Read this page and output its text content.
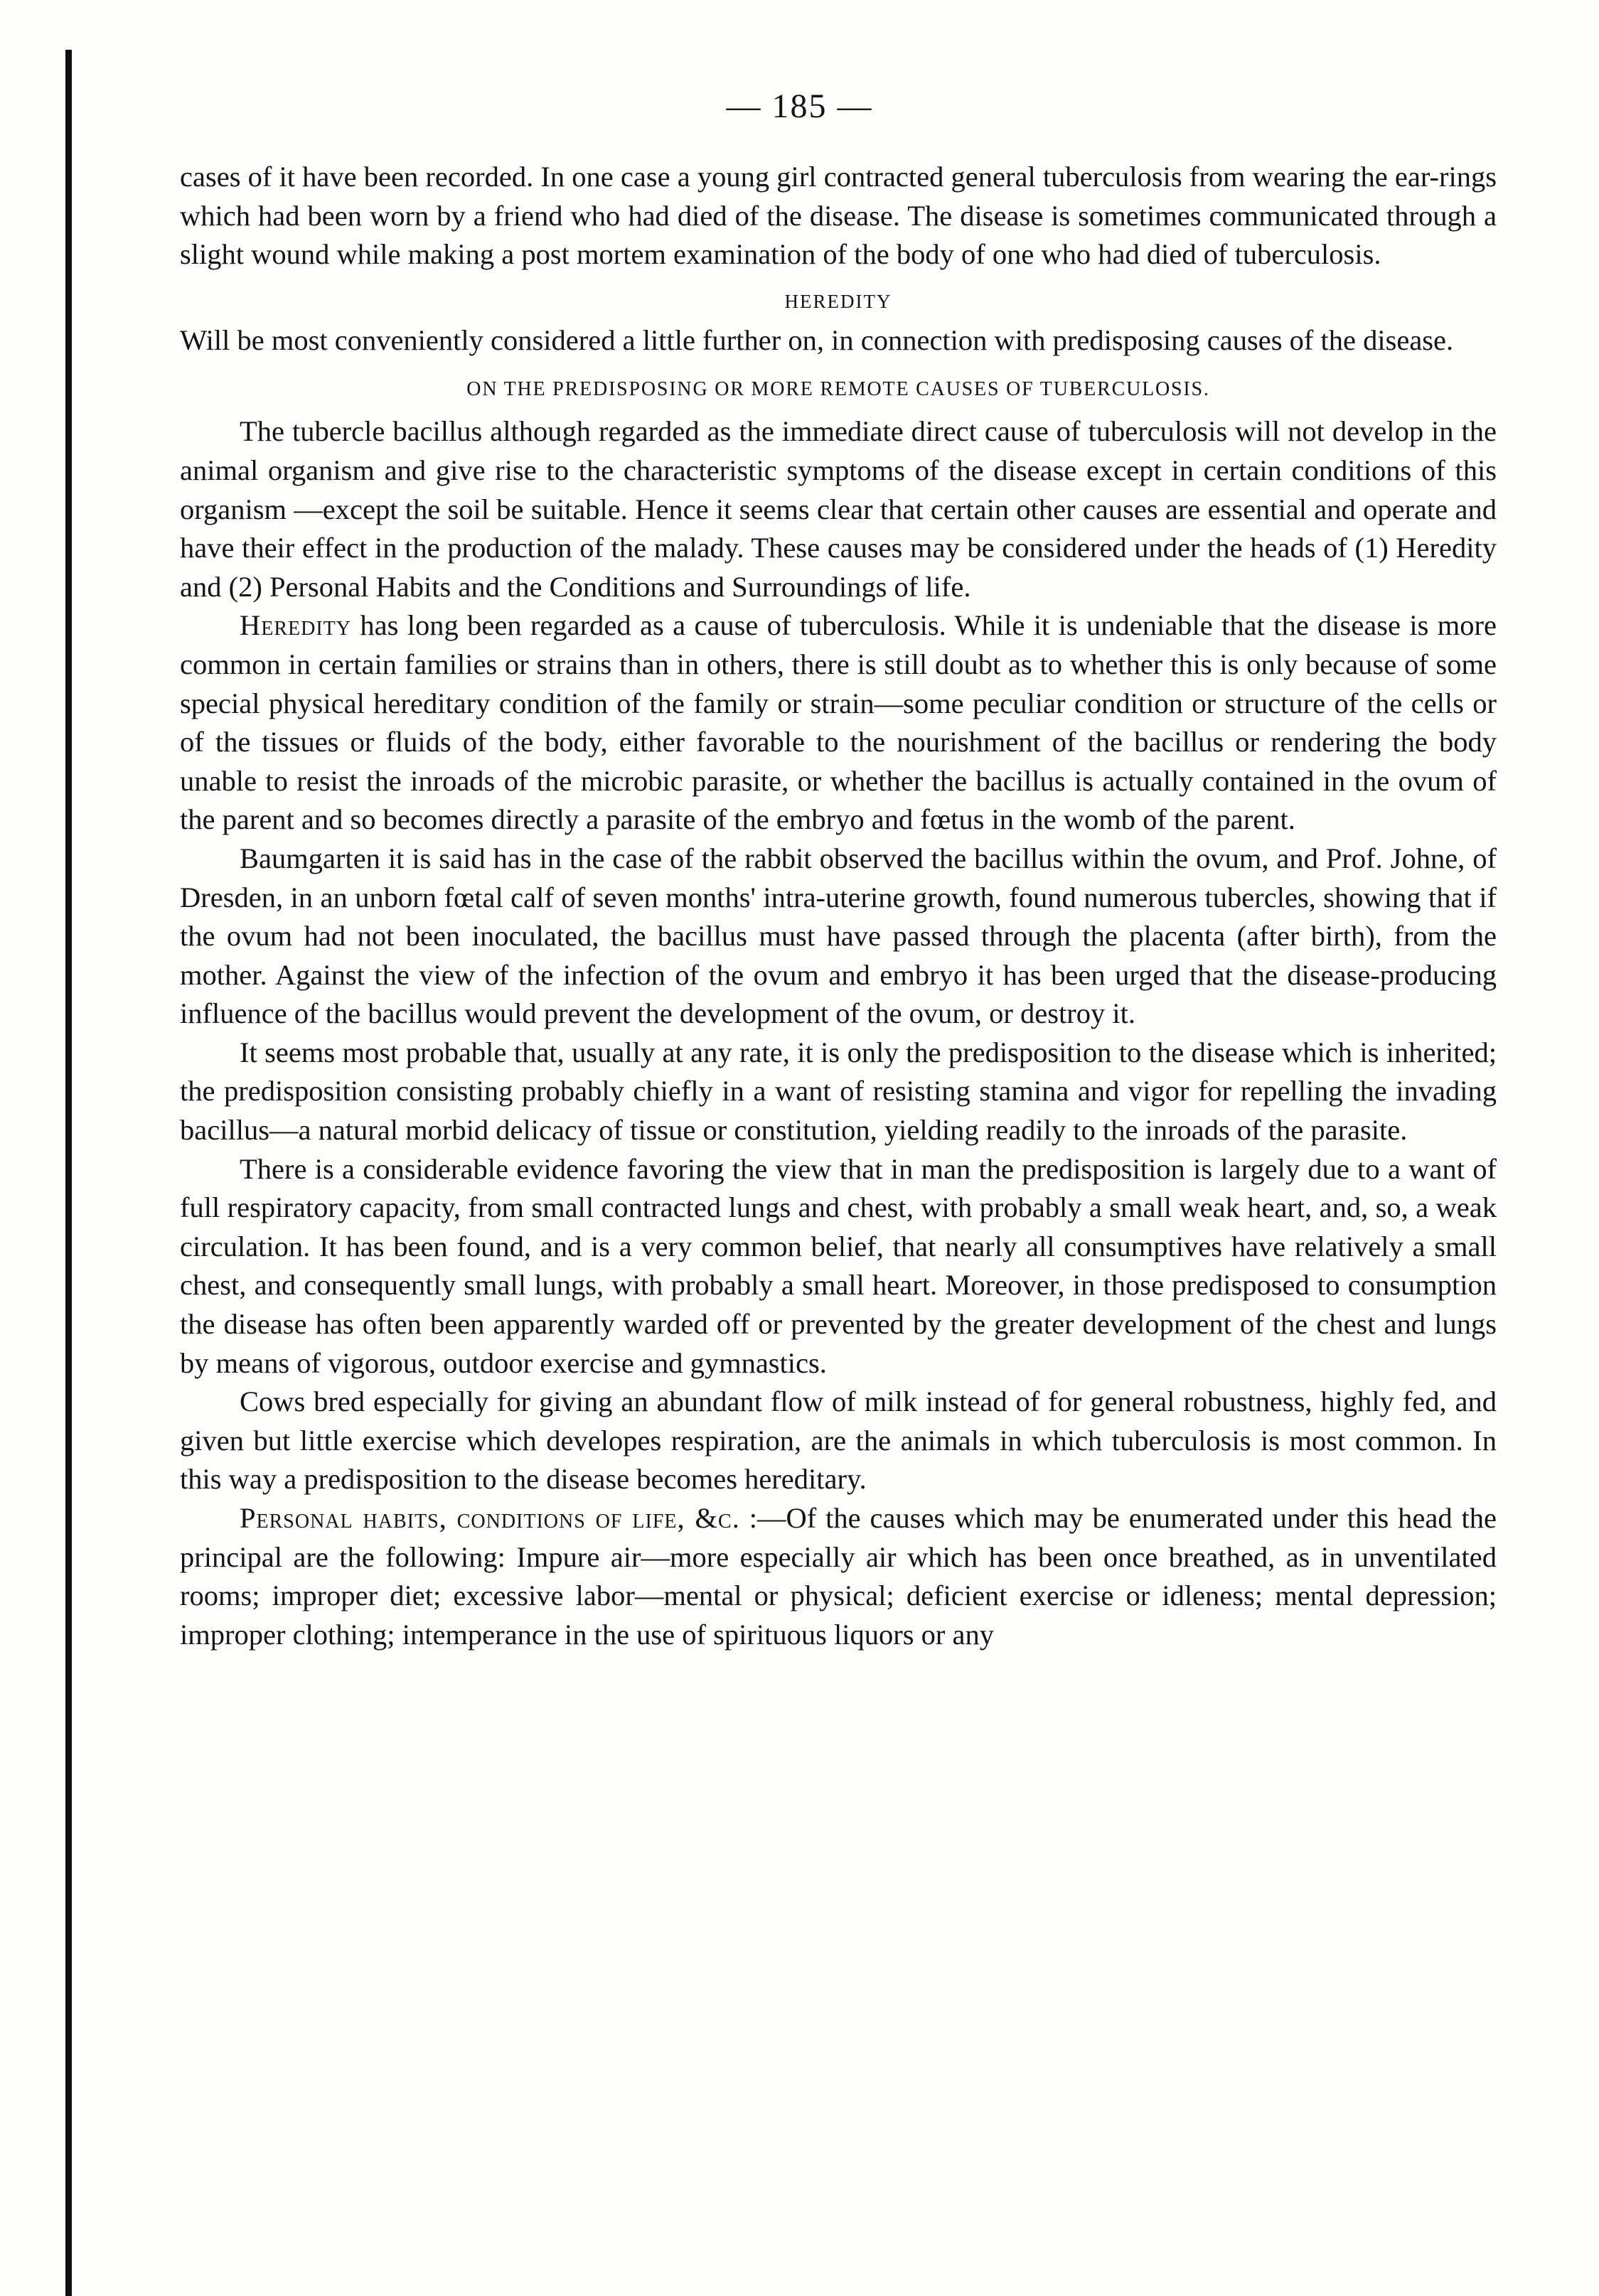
— 185 —

cases of it have been recorded. In one case a young girl contracted general tuberculosis from wearing the ear-rings which had been worn by a friend who had died of the disease. The disease is sometimes communicated through a slight wound while making a post mortem examination of the body of one who had died of tuberculosis.

HEREDITY

Will be most conveniently considered a little further on, in connection with predisposing causes of the disease.

ON THE PREDISPOSING OR MORE REMOTE CAUSES OF TUBERCULOSIS.

The tubercle bacillus although regarded as the immediate direct cause of tuberculosis will not develop in the animal organism and give rise to the characteristic symptoms of the disease except in certain conditions of this organism —except the soil be suitable. Hence it seems clear that certain other causes are essential and operate and have their effect in the production of the malady. These causes may be considered under the heads of (1) Heredity and (2) Personal Habits and the Conditions and Surroundings of life.

Heredity has long been regarded as a cause of tuberculosis. While it is undeniable that the disease is more common in certain families or strains than in others, there is still doubt as to whether this is only because of some special physical hereditary condition of the family or strain—some peculiar condition or structure of the cells or of the tissues or fluids of the body, either favorable to the nourishment of the bacillus or rendering the body unable to resist the inroads of the microbic parasite, or whether the bacillus is actually contained in the ovum of the parent and so becomes directly a parasite of the embryo and fœtus in the womb of the parent.

Baumgarten it is said has in the case of the rabbit observed the bacillus within the ovum, and Prof. Johne, of Dresden, in an unborn fœtal calf of seven months' intra-uterine growth, found numerous tubercles, showing that if the ovum had not been inoculated, the bacillus must have passed through the placenta (after birth), from the mother. Against the view of the infection of the ovum and embryo it has been urged that the disease-producing influence of the bacillus would prevent the development of the ovum, or destroy it.

It seems most probable that, usually at any rate, it is only the predisposition to the disease which is inherited; the predisposition consisting probably chiefly in a want of resisting stamina and vigor for repelling the invading bacillus—a natural morbid delicacy of tissue or constitution, yielding readily to the inroads of the parasite.

There is a considerable evidence favoring the view that in man the predisposition is largely due to a want of full respiratory capacity, from small contracted lungs and chest, with probably a small weak heart, and, so, a weak circulation. It has been found, and is a very common belief, that nearly all consumptives have relatively a small chest, and consequently small lungs, with probably a small heart. Moreover, in those predisposed to consumption the disease has often been apparently warded off or prevented by the greater development of the chest and lungs by means of vigorous, outdoor exercise and gymnastics.

Cows bred especially for giving an abundant flow of milk instead of for general robustness, highly fed, and given but little exercise which developes respiration, are the animals in which tuberculosis is most common. In this way a predisposition to the disease becomes hereditary.

Personal habits, conditions of life, &c. :—Of the causes which may be enumerated under this head the principal are the following: Impure air—more especially air which has been once breathed, as in unventilated rooms; improper diet; excessive labor—mental or physical; deficient exercise or idleness; mental depression; improper clothing; intemperance in the use of spirituous liquors or any
